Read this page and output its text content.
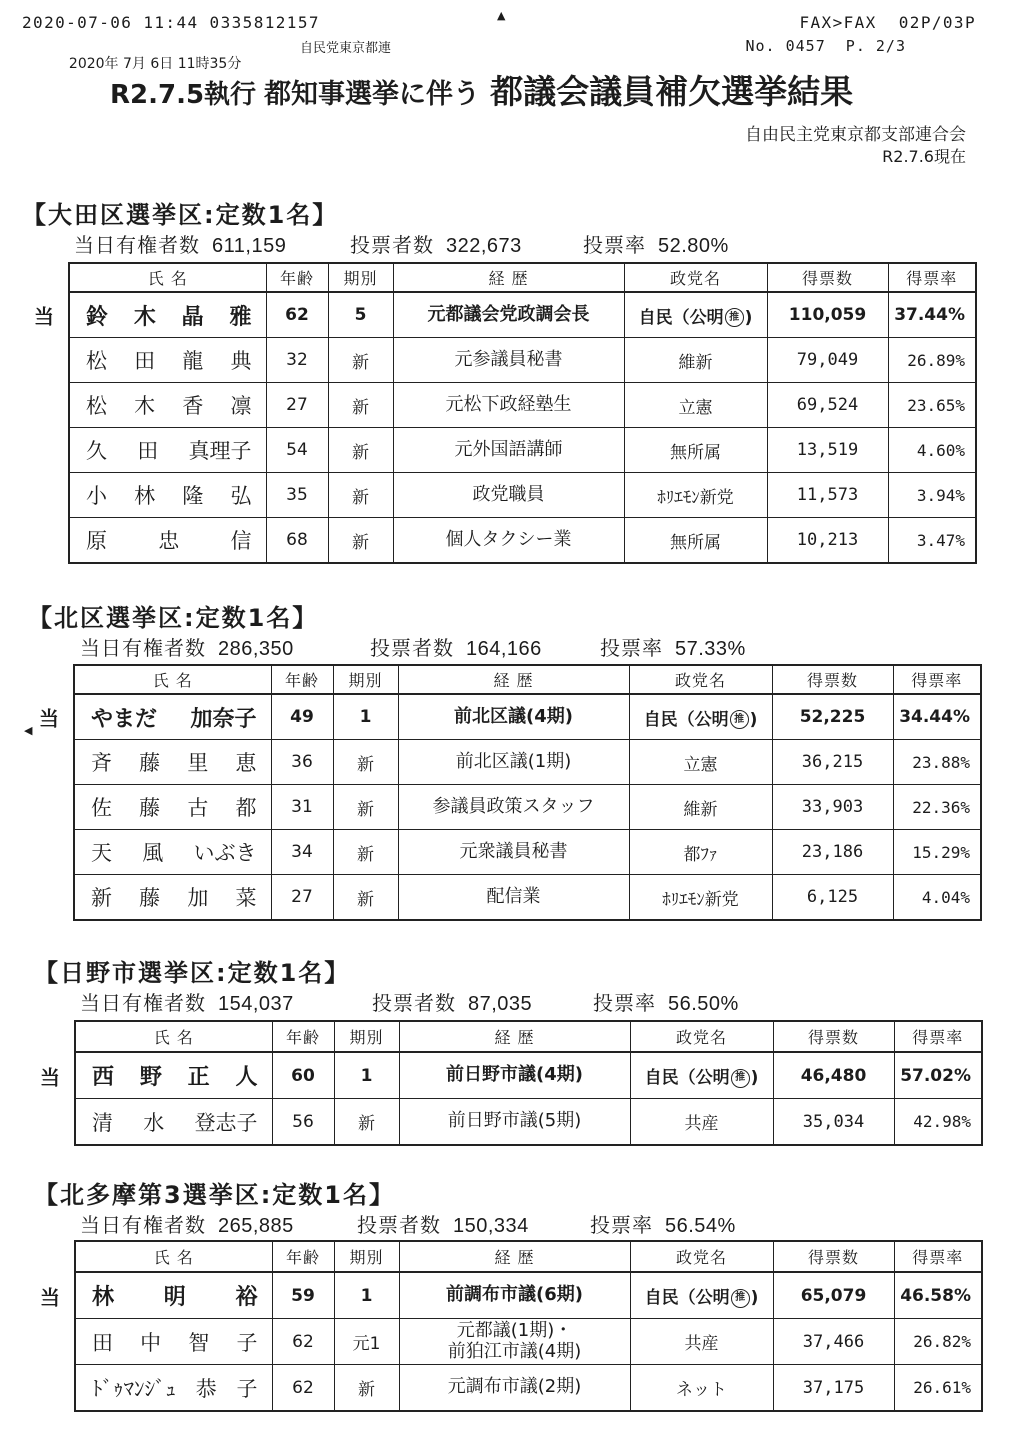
2020-07-06 11:44 0335812157	▲	FAX>FAX  02P/03P

2020年 7月 6日 11時35分

自民党東京都連	No. 0457  P. 2/3
◀
R2.7.5執行 都知事選挙に伴う 都議会議員補欠選挙結果
自由民主党東京都支部連合会
R2.7.6現在
【大田区選挙区:定数1名】
当日有権者数 611,159	投票者数 322,673	投票率 52.80%
氏 名	年齢	期別	経 歴	政党名	得票数	得票率

当 鈴 木 晶 雅	62	5	元都議会党政調会長	自民（公明 推 )	110,059	37.44%

松 田 龍 典	32	新	元参議員秘書	維新	79,049	26.89%

松 木 香 凛	27	新	元松下政経塾生	立憲	69,524	23.65%

久 田 真理子	54	新	元外国語講師	無所属	13,519	4.60%

小 林 隆 弘	35	新	政党職員	ﾎﾘｴﾓﾝ新党	11,573	3.94%

原 忠 信	68	新	個人タクシー業	無所属	10,213	3.47%
【北区選挙区:定数1名】
当日有権者数 286,350	投票者数 164,166	投票率 57.33%
氏 名	年齢	期別	経 歴	政党名	得票数	得票率

当 やまだ 加奈子	49	1	前北区議(4期)	自民（公明 推 )	52,225	34.44%

斉 藤 里 恵	36	新	前北区議(1期)	立憲	36,215	23.88%

佐 藤 古 都	31	新	参議員政策スタッフ	維新	33,903	22.36%

天 風 いぶき	34	新	元衆議員秘書	都ﾌｧ	23,186	15.29%

新 藤 加 菜	27	新	配信業	ﾎﾘｴﾓﾝ新党	6,125	4.04%
【日野市選挙区:定数1名】
当日有権者数 154,037	投票者数 87,035	投票率 56.50%
氏 名	年齢	期別	経 歴	政党名	得票数	得票率

当 西 野 正 人	60	1	前日野市議(4期)	自民（公明 推 )	46,480	57.02%

清 水 登志子	56	新	前日野市議(5期)	共産	35,034	42.98%
【北多摩第3選挙区:定数1名】
当日有権者数 265,885	投票者数 150,334	投票率 56.54%
氏 名	年齢	期別	経 歴	政党名	得票数	得票率

当 林 明 裕	59	1	前調布市議(6期)	自民（公明 推 )	65,079	46.58%

田 中 智 子	62	元1	元都議(1期)・
前狛江市議(4期)	共産	37,466	26.82%

ﾄﾞｩﾏﾝｼﾞｭ 恭 子	62	新	元調布市議(2期)	ネット	37,175	26.61%
